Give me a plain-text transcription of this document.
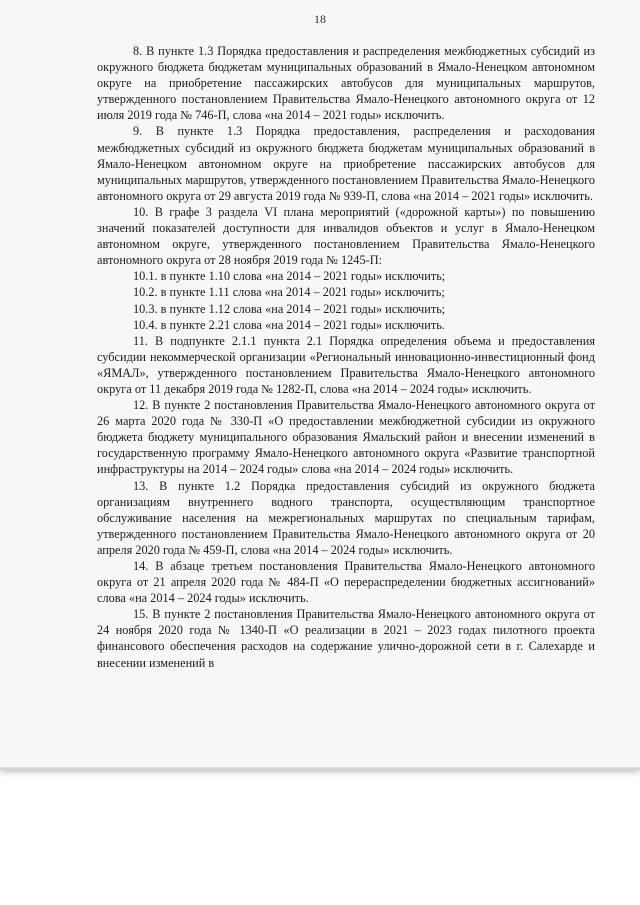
18

8. В пункте 1.3 Порядка предоставления и распределения межбюджетных субсидий из окружного бюджета бюджетам муниципальных образований в Ямало-Ненецком автономном округе на приобретение пассажирских автобусов для муниципальных маршрутов, утвержденного постановлением Правительства Ямало-Ненецкого автономного округа от 12 июля 2019 года № 746-П, слова «на 2014 – 2021 годы» исключить.

9. В пункте 1.3 Порядка предоставления, распределения и расходования межбюджетных субсидий из окружного бюджета бюджетам муниципальных образований в Ямало-Ненецком автономном округе на приобретение пассажирских автобусов для муниципальных маршрутов, утвержденного постановлением Правительства Ямало-Ненецкого автономного округа от 29 августа 2019 года № 939-П, слова «на 2014 – 2021 годы» исключить.

10. В графе 3 раздела VI плана мероприятий («дорожной карты») по повышению значений показателей доступности для инвалидов объектов и услуг в Ямало-Ненецком автономном округе, утвержденного постановлением Правительства Ямало-Ненецкого автономного округа от 28 ноября 2019 года № 1245-П:

10.1. в пункте 1.10 слова «на 2014 – 2021 годы» исключить;

10.2. в пункте 1.11 слова «на 2014 – 2021 годы» исключить;

10.3. в пункте 1.12 слова «на 2014 – 2021 годы» исключить;

10.4. в пункте 2.21 слова «на 2014 – 2021 годы» исключить.

11. В подпункте 2.1.1 пункта 2.1 Порядка определения объема и предоставления субсидии некоммерческой организации «Региональный инновационно-инвестиционный фонд «ЯМАЛ», утвержденного постановлением Правительства Ямало-Ненецкого автономного округа от 11 декабря 2019 года № 1282-П, слова «на 2014 – 2024 годы» исключить.

12. В пункте 2 постановления Правительства Ямало-Ненецкого автономного округа от 26 марта 2020 года № 330-П «О предоставлении межбюджетной субсидии из окружного бюджета бюджету муниципального образования Ямальский район и внесении изменений в государственную программу Ямало-Ненецкого автономного округа «Развитие транспортной инфраструктуры на 2014 – 2024 годы» слова «на 2014 – 2024 годы» исключить.

13. В пункте 1.2 Порядка предоставления субсидий из окружного бюджета организациям внутреннего водного транспорта, осуществляющим транспортное обслуживание населения на межрегиональных маршрутах по специальным тарифам, утвержденного постановлением Правительства Ямало-Ненецкого автономного округа от 20 апреля 2020 года № 459-П, слова «на 2014 – 2024 годы» исключить.

14. В абзаце третьем постановления Правительства Ямало-Ненецкого автономного округа от 21 апреля 2020 года № 484-П «О перераспределении бюджетных ассигнований» слова «на 2014 – 2024 годы» исключить.

15. В пункте 2 постановления Правительства Ямало-Ненецкого автономного округа от 24 ноября 2020 года № 1340-П «О реализации в 2021 – 2023 годах пилотного проекта финансового обеспечения расходов на содержание улично-дорожной сети в г. Салехарде и внесении изменений в
